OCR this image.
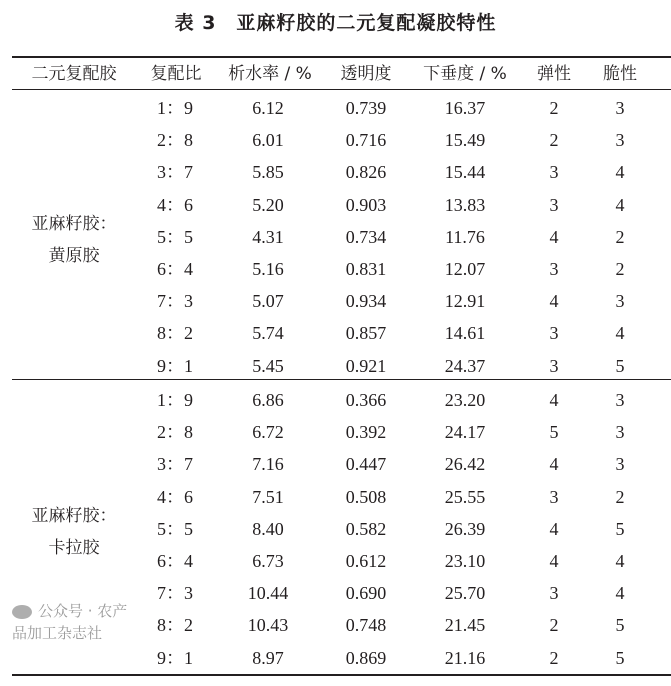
表 3　亚麻籽胶的二元复配凝胶特性
二元复配胶	复配比	析水率 / %	透明度	下垂度 / %	弹性	脆性
亚麻籽胶：
黄原胶
1：9	6.12	0.739	16.37	2	3
2：8	6.01	0.716	15.49	2	3
3：7	5.85	0.826	15.44	3	4
4：6	5.20	0.903	13.83	3	4
5：5	4.31	0.734	11.76	4	2
6：4	5.16	0.831	12.07	3	2
7：3	5.07	0.934	12.91	4	3
8：2	5.74	0.857	14.61	3	4
9：1	5.45	0.921	24.37	3	5
亚麻籽胶：
卡拉胶
1：9	6.86	0.366	23.20	4	3
2：8	6.72	0.392	24.17	5	3
3：7	7.16	0.447	26.42	4	3
4：6	7.51	0.508	25.55	3	2
5：5	8.40	0.582	26.39	4	5
6：4	6.73	0.612	23.10	4	4
7：3	10.44	0.690	25.70	3	4
8：2	10.43	0.748	21.45	2	5
9：1	8.97	0.869	21.16	2	5
公众号 · 农产品加工杂志社
